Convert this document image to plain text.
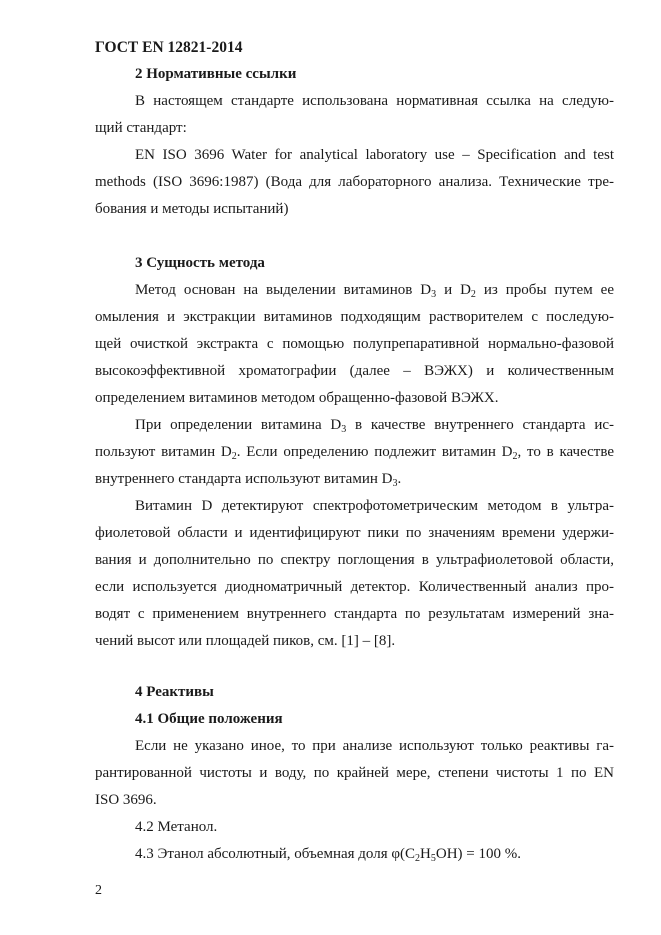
ГОСТ EN 12821-2014
2 Нормативные ссылки
В настоящем стандарте использована нормативная ссылка на следую-
щий стандарт:
EN ISO 3696 Water for analytical laboratory use – Specification and test
methods (ISO 3696:1987) (Вода для лабораторного анализа. Технические тре-
бования и методы испытаний)
3 Сущность метода
Метод основан на выделении витаминов $D_3$ и $D_2$ из пробы путем ее
омыления и экстракции витаминов подходящим растворителем с последую-
щей очисткой экстракта с помощью полупрепаративной нормально-фазовой
высокоэффективной хроматографии (далее – ВЭЖХ) и количественным
определением витаминов методом обращенно-фазовой ВЭЖХ.
При определении витамина $D_3$ в качестве внутреннего стандарта ис-
пользуют витамин $D_2$. Если определению подлежит витамин $D_2$, то в качестве
внутреннего стандарта используют витамин $D_3$.
Витамин D детектируют спектрофотометрическим методом в ультра-
фиолетовой области и идентифицируют пики по значениям времени удержи-
вания и дополнительно по спектру поглощения в ультрафиолетовой области,
если используется диодноматричный детектор. Количественный анализ про-
водят с применением внутреннего стандарта по результатам измерений зна-
чений высот или площадей пиков, см. [1] – [8].
4 Реактивы
4.1 Общие положения
Если не указано иное, то при анализе используют только реактивы га-
рантированной чистоты и воду, по крайней мере, степени чистоты 1 по EN
ISO 3696.
4.2 Метанол.
4.3 Этанол абсолютный, объемная доля $\varphi(C_2H_5OH) = 100$ %.
2
